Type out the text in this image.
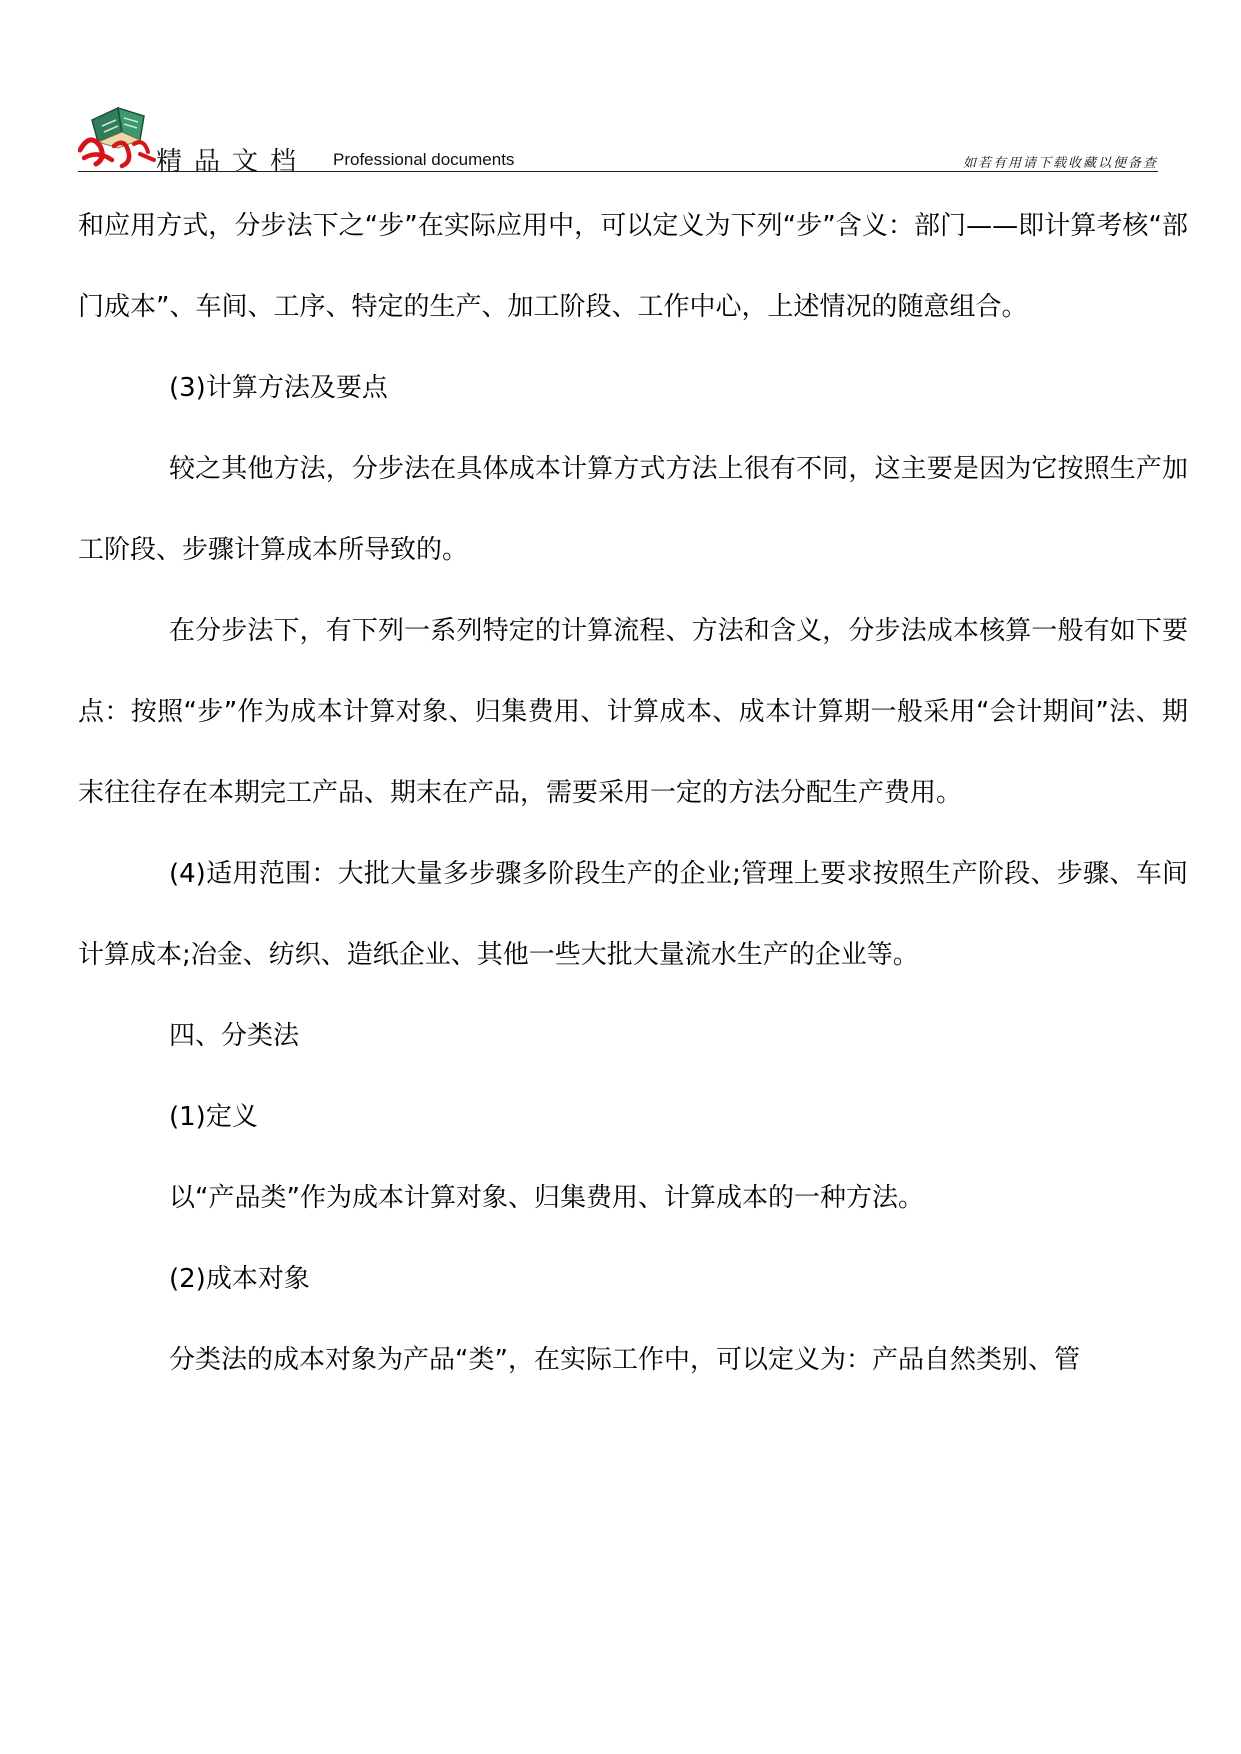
精品文档 Professional documents	如若有用请下载收藏以便备查

和应用方式，分步法下之“步”在实际应用中，可以定义为下列“步”含义：部门——即计算考核“部门成本”、车间、工序、特定的生产、加工阶段、工作中心，上述情况的随意组合。

(3)计算方法及要点

较之其他方法，分步法在具体成本计算方式方法上很有不同，这主要是因为它按照生产加工阶段、步骤计算成本所导致的。

在分步法下，有下列一系列特定的计算流程、方法和含义，分步法成本核算一般有如下要点：按照“步”作为成本计算对象、归集费用、计算成本、成本计算期一般采用“会计期间”法、期末往往存在本期完工产品、期末在产品，需要采用一定的方法分配生产费用。

(4)适用范围：大批大量多步骤多阶段生产的企业;管理上要求按照生产阶段、步骤、车间计算成本;冶金、纺织、造纸企业、其他一些大批大量流水生产的企业等。

四、分类法

(1)定义

以“产品类”作为成本计算对象、归集费用、计算成本的一种方法。

(2)成本对象

分类法的成本对象为产品“类”，在实际工作中，可以定义为：产品自然类别、管
